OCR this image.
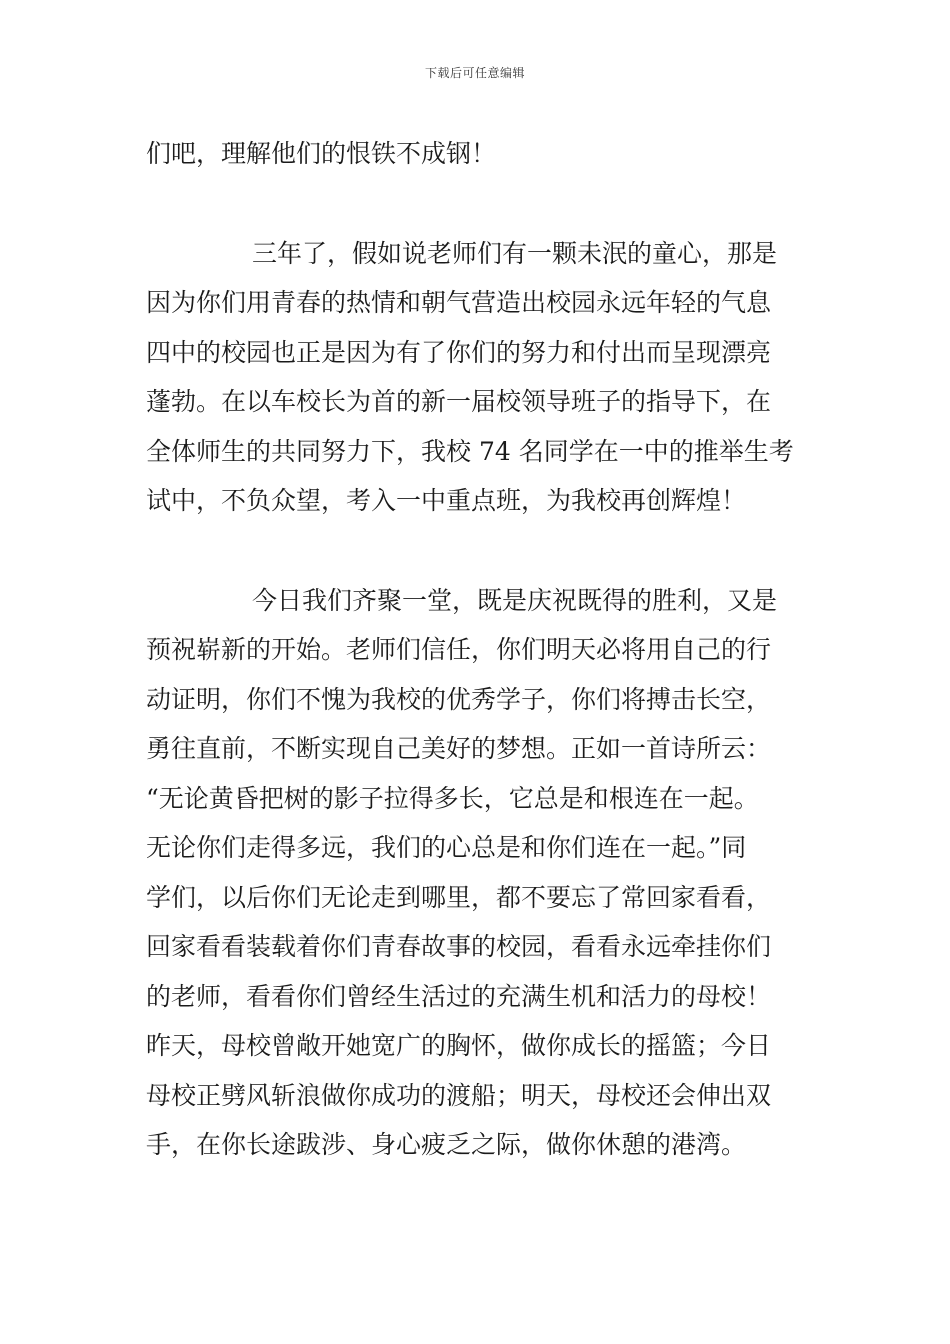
下载后可任意编辑
们吧，理解他们的恨铁不成钢！
三年了，假如说老师们有一颗未泯的童心，那是
因为你们用青春的热情和朝气营造出校园永远年轻的气息
四中的校园也正是因为有了你们的努力和付出而呈现漂亮
蓬勃。在以车校长为首的新一届校领导班子的指导下，在
全体师生的共同努力下，我校 74 名同学在一中的推举生考
试中，不负众望，考入一中重点班，为我校再创辉煌！
今日我们齐聚一堂，既是庆祝既得的胜利，又是
预祝崭新的开始。老师们信任，你们明天必将用自己的行
动证明，你们不愧为我校的优秀学子，你们将搏击长空，
勇往直前，不断实现自己美好的梦想。正如一首诗所云：
“无论黄昏把树的影子拉得多长，它总是和根连在一起。
无论你们走得多远，我们的心总是和你们连在一起。”同
学们，以后你们无论走到哪里，都不要忘了常回家看看，
回家看看装载着你们青春故事的校园，看看永远牵挂你们
的老师，看看你们曾经生活过的充满生机和活力的母校！
昨天，母校曾敞开她宽广的胸怀，做你成长的摇篮；今日
母校正劈风斩浪做你成功的渡船；明天，母校还会伸出双
手，在你长途跋涉、身心疲乏之际，做你休憩的港湾。
